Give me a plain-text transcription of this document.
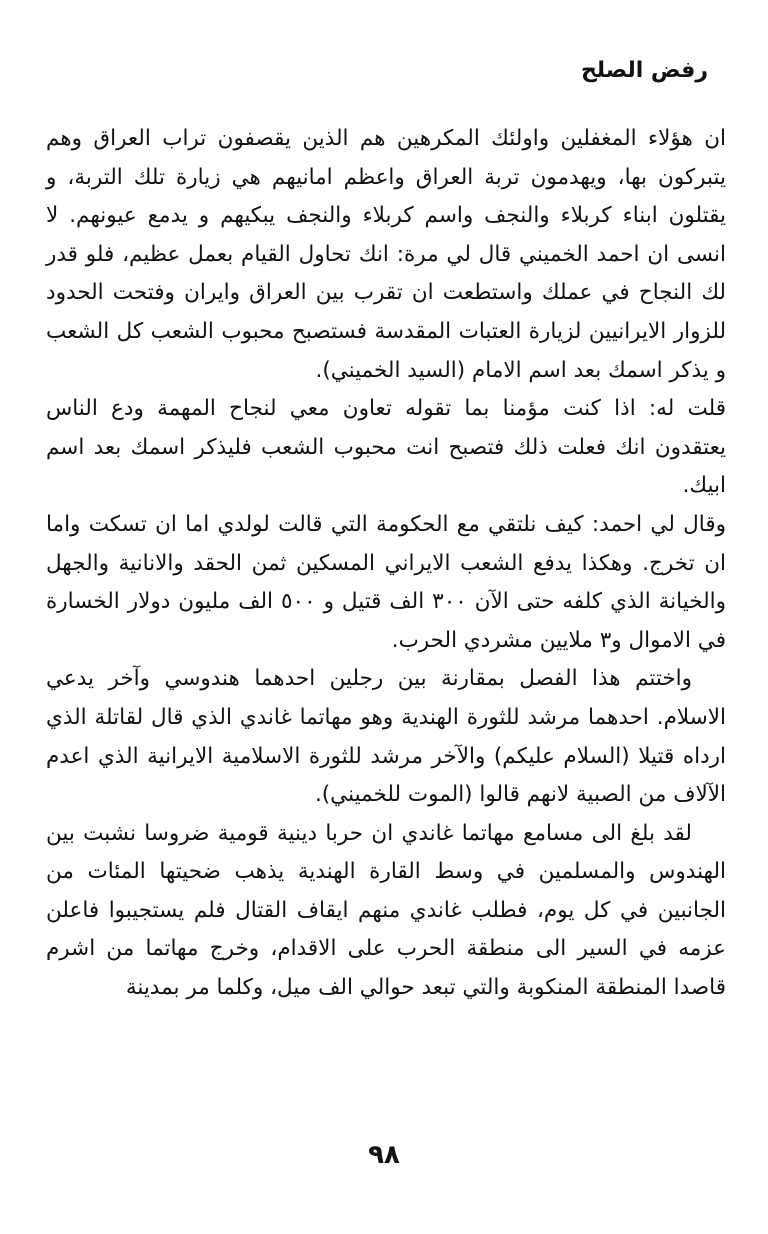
رفض الصلح

ان هؤلاء المغفلين واولئك المكرهين هم الذين يقصفون تراب العراق وهم يتبركون بها، ويهدمون تربة العراق واعظم امانيهم هي زيارة تلك التربة، و يقتلون ابناء كربلاء والنجف واسم كربلاء والنجف يبكيهم و يدمع عيونهم. لا انسى ان احمد الخميني قال لي مرة: انك تحاول القيام بعمل عظيم، فلو قدر لك النجاح في عملك واستطعت ان تقرب بين العراق وايران وفتحت الحدود للزوار الايرانيين لزيارة العتبات المقدسة فستصبح محبوب الشعب كل الشعب و يذكر اسمك بعد اسم الامام (السيد الخميني).

قلت له: اذا كنت مؤمنا بما تقوله تعاون معي لنجاح المهمة ودع الناس يعتقدون انك فعلت ذلك فتصبح انت محبوب الشعب فليذكر اسمك بعد اسم ابيك.

وقال لي احمد: كيف نلتقي مع الحكومة التي قالت لولدي اما ان تسكت واما ان تخرج. وهكذا يدفع الشعب الايراني المسكين ثمن الحقد والانانية والجهل والخيانة الذي كلفه حتى الآن ٣٠٠ الف قتيل و ٥٠٠ الف مليون دولار الخسارة في الاموال و٣ ملايين مشردي الحرب.

واختتم هذا الفصل بمقارنة بين رجلين احدهما هندوسي وآخر يدعي الاسلام. احدهما مرشد للثورة الهندية وهو مهاتما غاندي الذي قال لقاتلة الذي ارداه قتيلا (السلام عليكم) والآخر مرشد للثورة الاسلامية الايرانية الذي اعدم الآلاف من الصبية لانهم قالوا (الموت للخميني).

لقد بلغ الى مسامع مهاتما غاندي ان حربا دينية قومية ضروسا نشبت بين الهندوس والمسلمين في وسط القارة الهندية يذهب ضحيتها المئات من الجانبين في كل يوم، فطلب غاندي منهم ايقاف القتال فلم يستجيبوا فاعلن عزمه في السير الى منطقة الحرب على الاقدام، وخرج مهاتما من اشرم قاصدا المنطقة المنكوبة والتي تبعد حوالي الف ميل، وكلما مر بمدينة

٩٨
